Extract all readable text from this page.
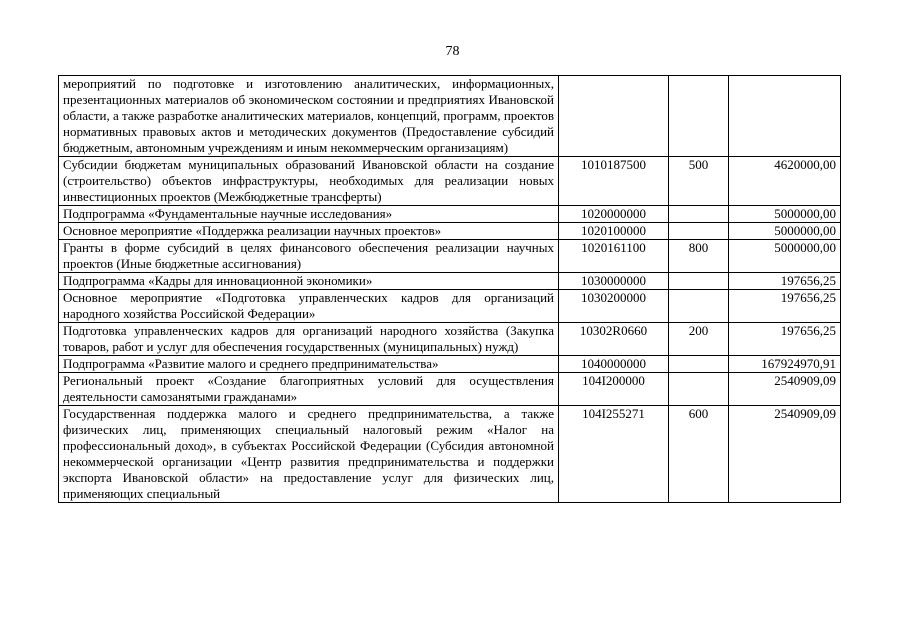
78
мероприятий по подготовке и изготовлению аналитических, информационных, презентационных материалов об экономическом состоянии и предприятиях Ивановской области, а также разработке аналитических материалов, концепций, программ, проектов нормативных правовых актов и методических документов (Предоставление субсидий бюджетным, автономным учреждениям и иным некоммерческим организациям)			
Субсидии бюджетам муниципальных образований Ивановской области на создание (строительство) объектов инфраструктуры, необходимых для реализации новых инвестиционных проектов (Межбюджетные трансферты)	1010187500	500	4620000,00
Подпрограмма «Фундаментальные научные исследования»	1020000000		5000000,00
Основное мероприятие «Поддержка реализации научных проектов»	1020100000		5000000,00
Гранты в форме субсидий в целях финансового обеспечения реализации научных проектов (Иные бюджетные ассигнования)	1020161100	800	5000000,00
Подпрограмма «Кадры для инновационной экономики»	1030000000		197656,25
Основное мероприятие «Подготовка управленческих кадров для организаций народного хозяйства Российской Федерации»	1030200000		197656,25
Подготовка управленческих кадров для организаций народного хозяйства (Закупка товаров, работ и услуг для обеспечения государственных (муниципальных) нужд)	10302R0660	200	197656,25
Подпрограмма «Развитие малого и среднего предпринимательства»	1040000000		167924970,91
Региональный проект «Создание благоприятных условий для осуществления деятельности самозанятыми гражданами»	104I200000		2540909,09
Государственная поддержка малого и среднего предпринимательства, а также физических лиц, применяющих специальный налоговый режим «Налог на профессиональный доход», в субъектах Российской Федерации (Субсидия автономной некоммерческой организации «Центр развития предпринимательства и поддержки экспорта Ивановской области» на предоставление услуг для физических лиц, применяющих специальный	104I255271	600	2540909,09
